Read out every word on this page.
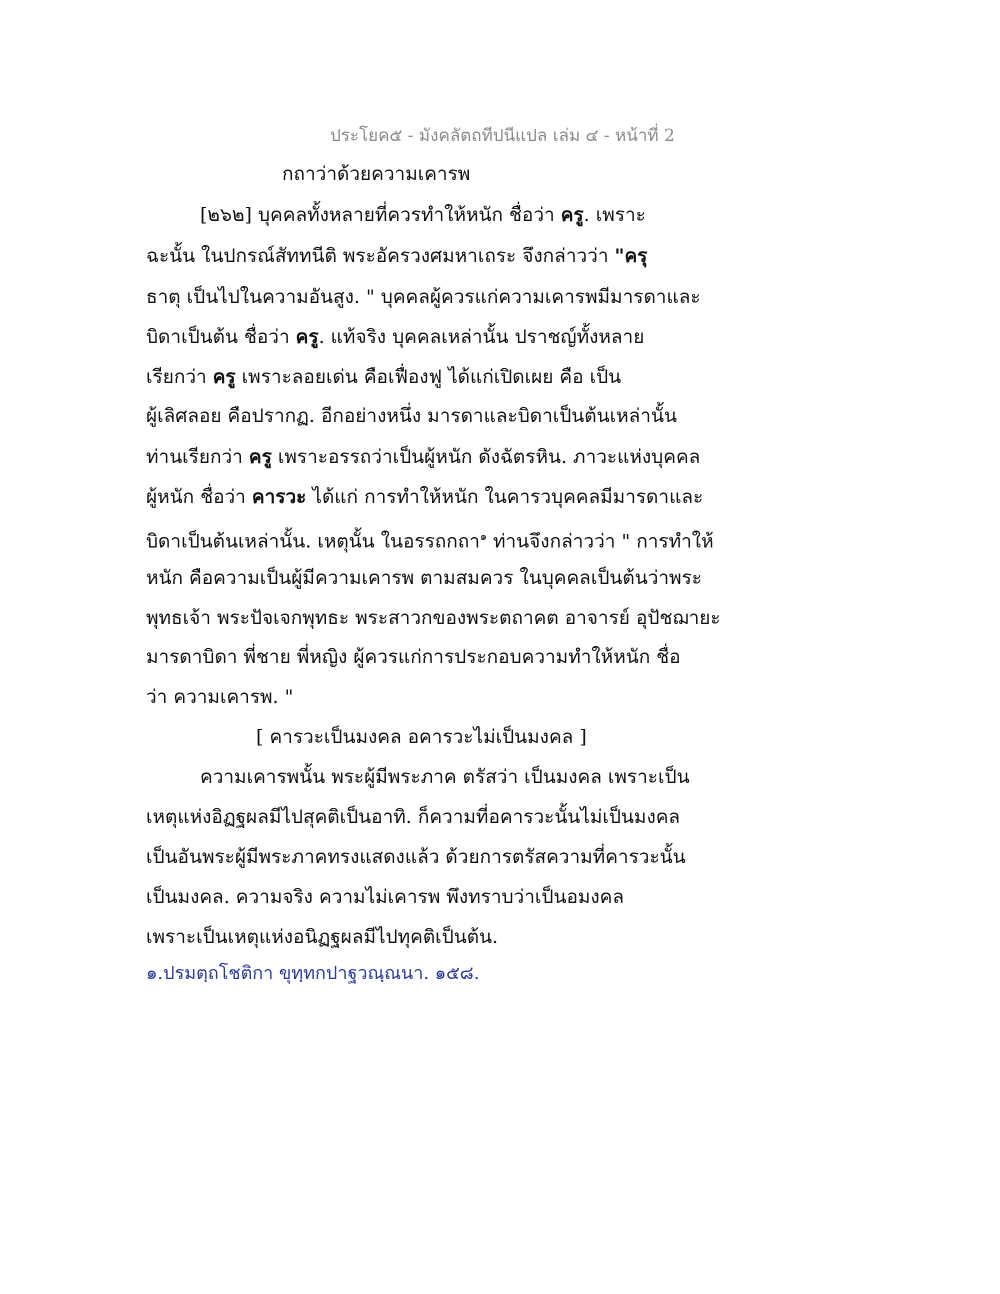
ประโยค๕ - มังคลัตถทีปนีแปล เล่ม ๔ - หน้าที่ 2
กถาว่าด้วยความเคารพ
[๒๖๒] บุคคลทั้งหลายที่ควรทำให้หนัก ชื่อว่า ครู. เพราะ
ฉะนั้น ในปกรณ์สัททนีติ พระอัครวงศมหาเถระ จึงกล่าวว่า "ครุ
ธาตุ เป็นไปในความอันสูง. " บุคคลผู้ควรแก่ความเคารพมีมารดาและ
บิดาเป็นต้น ชื่อว่า ครู. แท้จริง บุคคลเหล่านั้น ปราชญ์ทั้งหลาย
เรียกว่า ครู เพราะลอยเด่น คือเฟื่องฟู ได้แก่เปิดเผย คือ เป็น
ผู้เลิศลอย คือปรากฏ. อีกอย่างหนึ่ง มารดาและบิดาเป็นต้นเหล่านั้น
ท่านเรียกว่า ครู เพราะอรรถว่าเป็นผู้หนัก ดังฉัตรหิน. ภาวะแห่งบุคคล
ผู้หนัก ชื่อว่า คารวะ ได้แก่ การทำให้หนัก ในคารวบุคคลมีมารดาและ
บิดาเป็นต้นเหล่านั้น. เหตุนั้น ในอรรถกถา$^๑$ ท่านจึงกล่าวว่า " การทำให้
หนัก คือความเป็นผู้มีความเคารพ ตามสมควร ในบุคคลเป็นต้นว่าพระ
พุทธเจ้า พระปัจเจกพุทธะ พระสาวกของพระตถาคต อาจารย์ อุปัชฌายะ
มารดาบิดา พี่ชาย พี่หญิง ผู้ควรแก่การประกอบความทำให้หนัก ชื่อ
ว่า ความเคารพ. "
[ คารวะเป็นมงคล อคารวะไม่เป็นมงคล ]
ความเคารพนั้น พระผู้มีพระภาค ตรัสว่า เป็นมงคล เพราะเป็น
เหตุแห่งอิฏฐผลมีไปสุคติเป็นอาทิ. ก็ความที่อคารวะนั้นไม่เป็นมงคล
เป็นอันพระผู้มีพระภาคทรงแสดงแล้ว ด้วยการตรัสความที่คารวะนั้น
เป็นมงคล. ความจริง ความไม่เคารพ พึงทราบว่าเป็นอมงคล
เพราะเป็นเหตุแห่งอนิฏฐผลมีไปทุคติเป็นต้น.
๑.ปรมตฺถโชติกา ขุทฺทกปาฐวณฺณนา. ๑๕๘.
